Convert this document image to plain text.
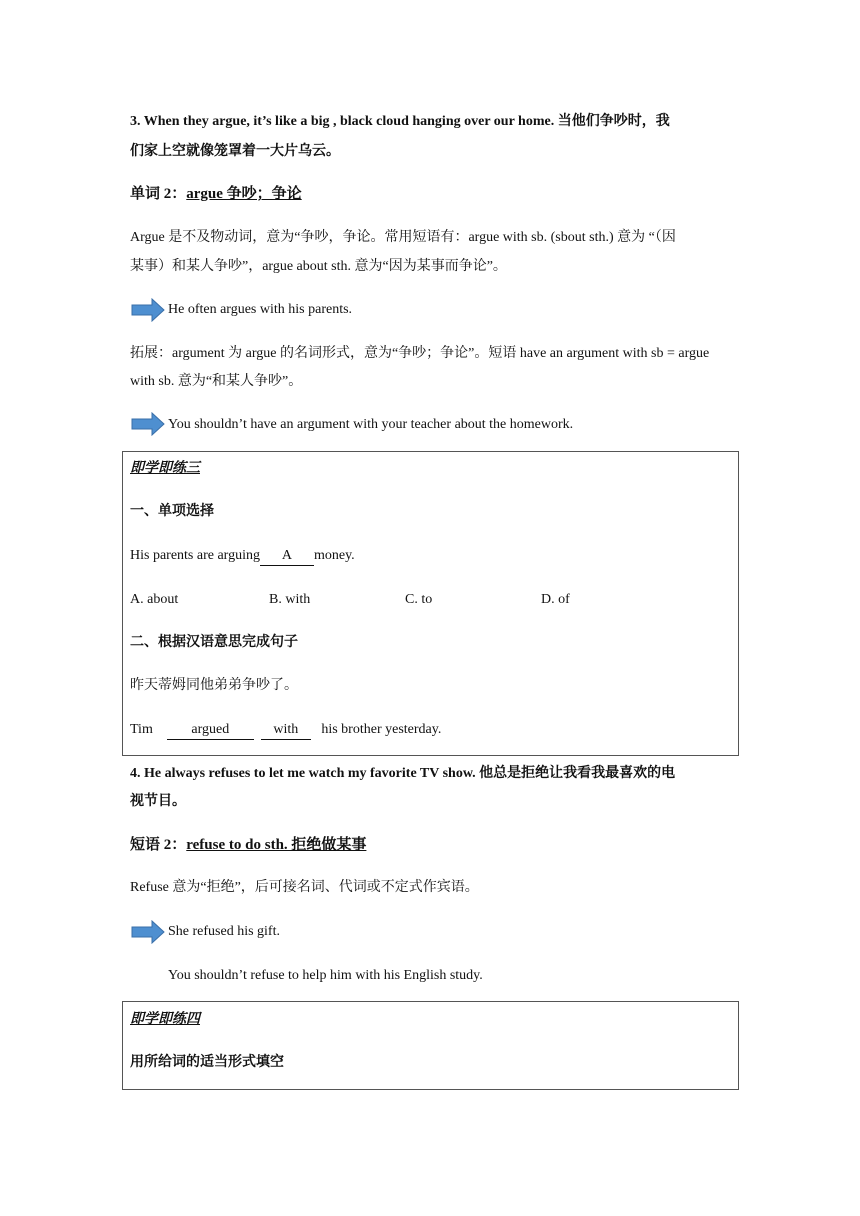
3. When they argue, it’s like a big , black cloud hanging over our home. 当他们争吵时，我
们家上空就像笼罩着一大片乌云。
单词 2：argue 争吵；争论
Argue 是不及物动词，意为“争吵，争论。常用短语有：argue with sb. (sbout sth.) 意为 “（因
某事）和某人争吵”，argue about sth. 意为“因为某事而争论”。
He often argues with his parents.
拓展：argument 为 argue 的名词形式，意为“争吵；争论”。短语 have an argument with sb = argue
with sb. 意为“和某人争吵”。
You shouldn’t have an argument with your teacher about the homework.
即学即练三
一、单项选择
His parents are arguing A money.
A. about	B. with	C. to	D. of
二、根据汉语意思完成句子
昨天蒂姆同他弟弟争吵了。
Tim	argued	with his brother yesterday.
4. He always refuses to let me watch my favorite TV show. 他总是拒绝让我看我最喜欢的电
视节目。
短语 2：refuse to do sth. 拒绝做某事
Refuse 意为“拒绝”，后可接名词、代词或不定式作宾语。
She refused his gift.
You shouldn’t refuse to help him with his English study.
即学即练四
用所给词的适当形式填空
